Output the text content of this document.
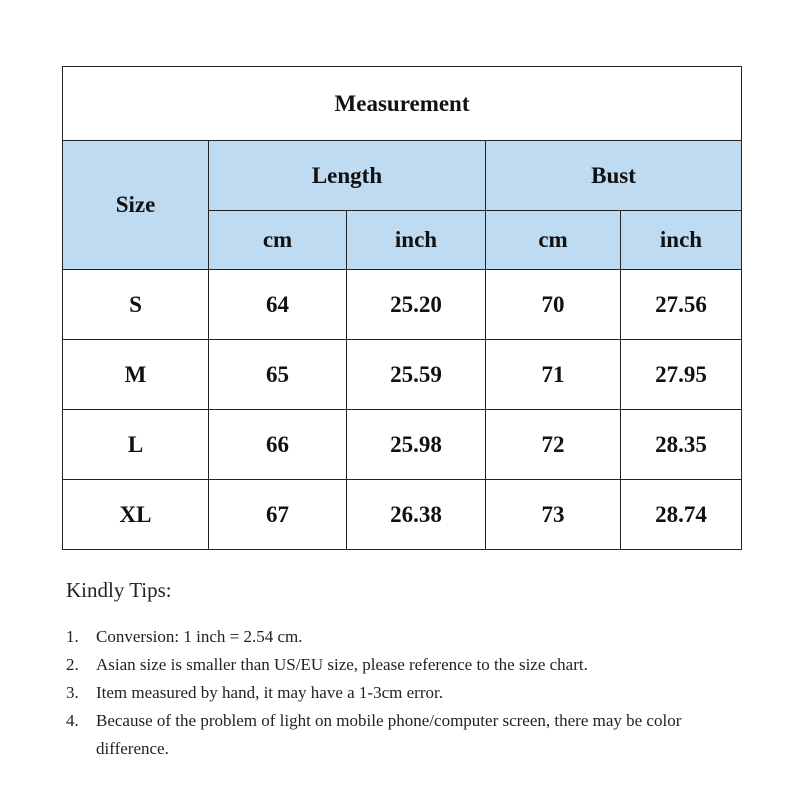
Measurement				
Size	Length		Bust	
	cm	inch	cm	inch
S	64	25.20	70	27.56
M	65	25.59	71	27.95
L	66	25.98	72	28.35
XL	67	26.38	73	28.74
Kindly Tips:
1. Conversion: 1 inch = 2.54 cm.
2. Asian size is smaller than US/EU size, please reference to the size chart.
3. Item measured by hand, it may have a 1-3cm error.
4. Because of the problem of light on mobile phone/computer screen, there may be color difference.
